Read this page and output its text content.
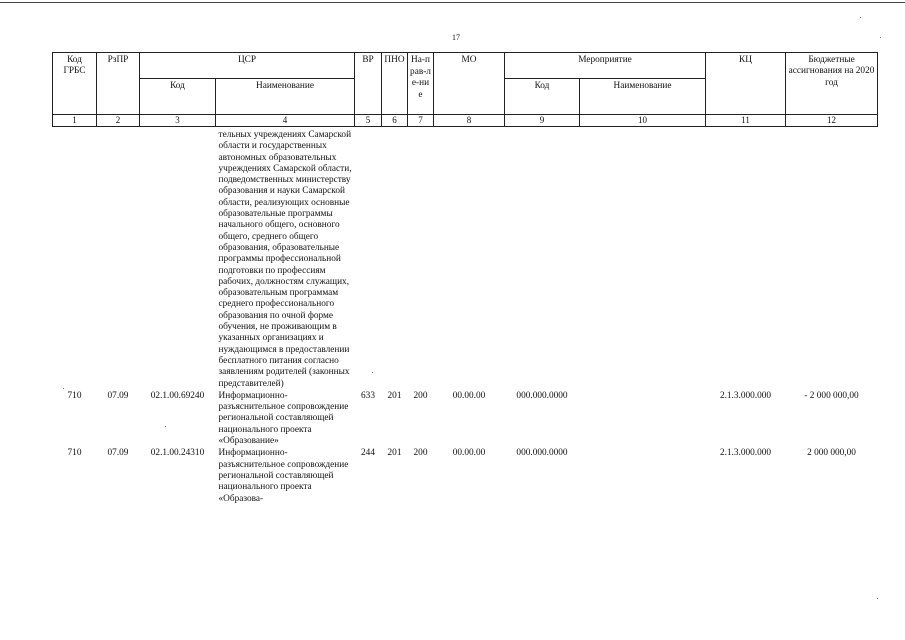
17
Код ГРБС	РзПР	ЦСР		ВР	ПНО	На-прав-ле-ние	МО	Мероприятие		КЦ	Бюджетные ассигнования на 2020 год
		Код	Наименование					Код	Наименование		
1	2	3	4	5	6	7	8	9	10	11	12
			тельных учреждениях Самарской области и государственных автономных образовательных учреждениях Самарской области, подведомственных министерству образования и науки Самарской области, реализующих основные образовательные программы начального общего, основного общего, среднего общего образования, образовательные программы профессиональной подготовки по профессиям рабочих, должностям служащих, образовательным программам среднего профессионального образования по очной форме обучения, не проживающим в указанных организациях и нуждающимся в предоставлении бесплатного питания согласно заявлениям родителей (законных представителей)								
710	07.09	02.1.00.69240	Информационно-разъяснительное сопровождение региональной составляющей национального проекта «Образование»	633	201	200	00.00.00	000.000.0000		2.1.3.000.000	- 2 000 000,00
710	07.09	02.1.00.24310	Информационно-разъяснительное сопровождение региональной составляющей национального проекта «Образова-	244	201	200	00.00.00	000.000.0000		2.1.3.000.000	2 000 000,00
